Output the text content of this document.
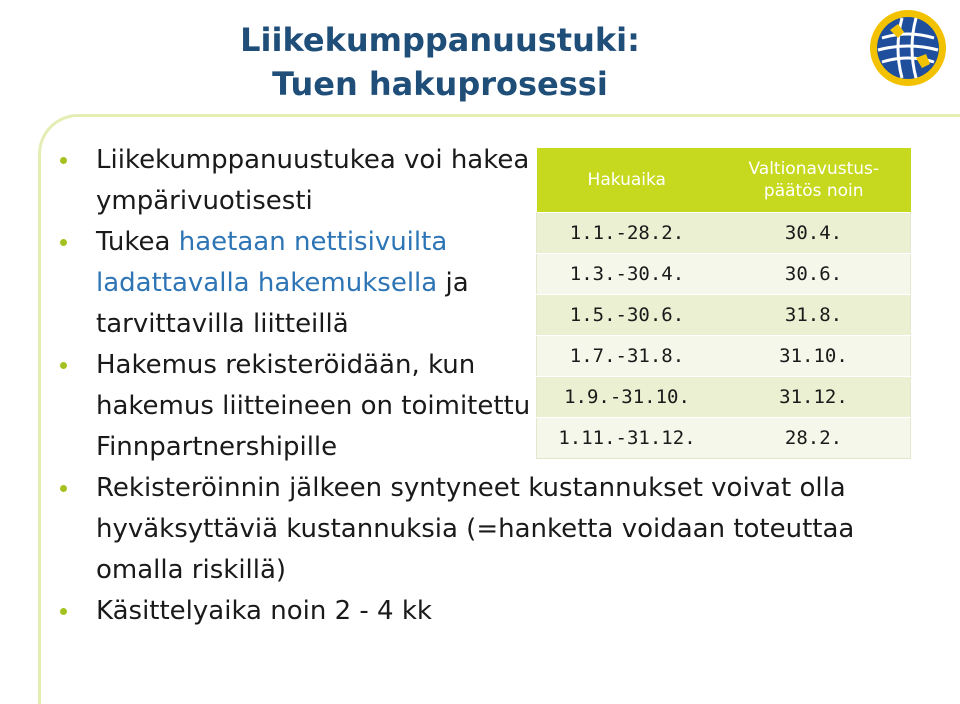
Liikekumppanuustuki:
Tuen hakuprosessi
Liikekumppanuustukea voi hakea ympärivuotisesti
Tukea haetaan nettisivuilta ladattavalla hakemuksella ja tarvittavilla liitteillä
Hakemus rekisteröidään, kun hakemus liitteineen on toimitettu Finnpartnershipille
Rekisteröinnin jälkeen syntyneet kustannukset voivat olla hyväksyttäviä kustannuksia (=hanketta voidaan toteuttaa omalla riskillä)
Käsittelyaika noin 2 - 4 kk
Hakuaika	Valtionavustus-päätös noin
1.1.-28.2.	30.4.
1.3.-30.4.	30.6.
1.5.-30.6.	31.8.
1.7.-31.8.	31.10.
1.9.-31.10.	31.12.
1.11.-31.12.	28.2.
